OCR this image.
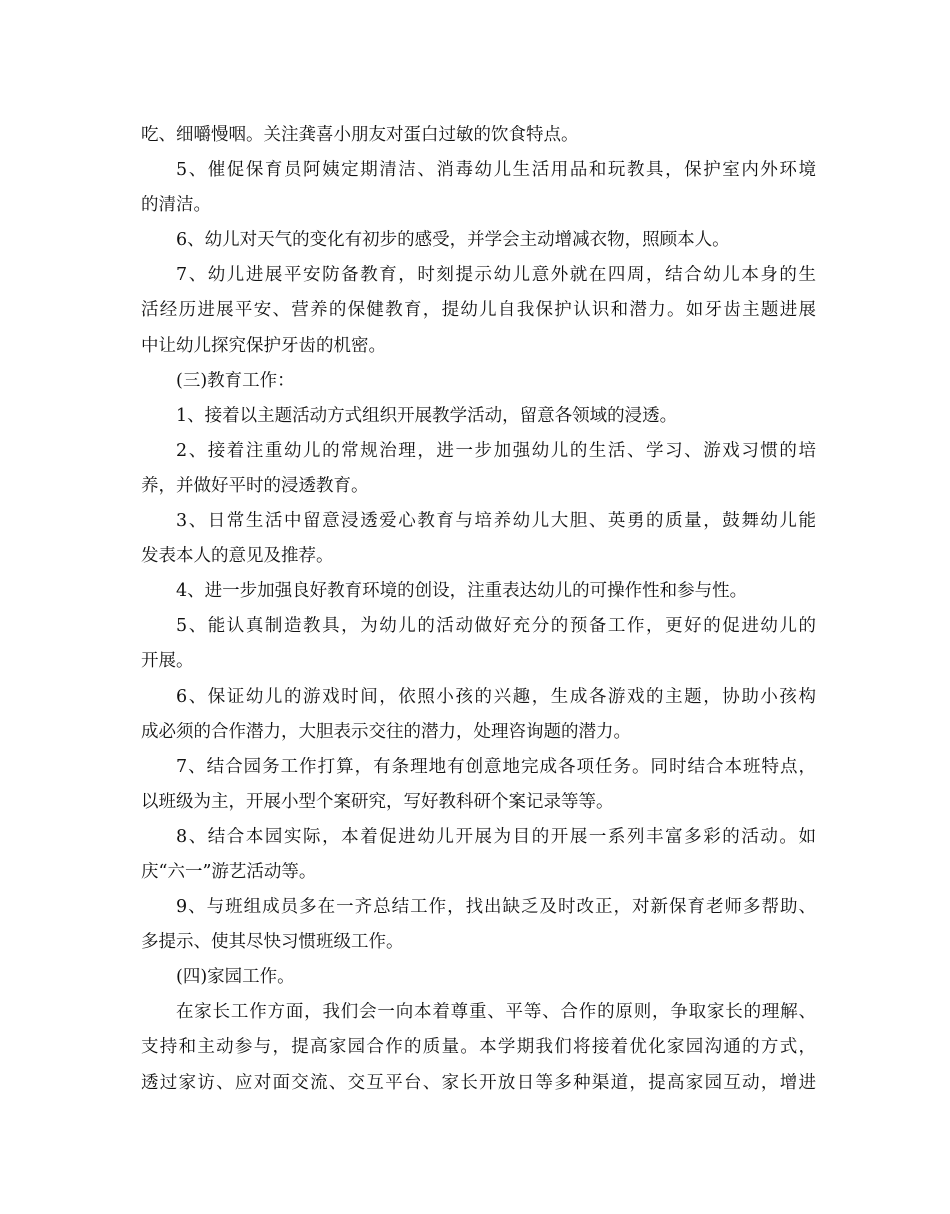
吃、细嚼慢咽。关注龚喜小朋友对蛋白过敏的饮食特点。
5、催促保育员阿姨定期清洁、消毒幼儿生活用品和玩教具，保护室内外环境
的清洁。
6、幼儿对天气的变化有初步的感受，并学会主动增减衣物，照顾本人。
7、幼儿进展平安防备教育，时刻提示幼儿意外就在四周，结合幼儿本身的生
活经历进展平安、营养的保健教育，提幼儿自我保护认识和潜力。如牙齿主题进展
中让幼儿探究保护牙齿的机密。
(三)教育工作：
1、接着以主题活动方式组织开展教学活动，留意各领域的浸透。
2、接着注重幼儿的常规治理，进一步加强幼儿的生活、学习、游戏习惯的培
养，并做好平时的浸透教育。
3、日常生活中留意浸透爱心教育与培养幼儿大胆、英勇的质量，鼓舞幼儿能
发表本人的意见及推荐。
4、进一步加强良好教育环境的创设，注重表达幼儿的可操作性和参与性。
5、能认真制造教具，为幼儿的活动做好充分的预备工作，更好的促进幼儿的
开展。
6、保证幼儿的游戏时间，依照小孩的兴趣，生成各游戏的主题，协助小孩构
成必须的合作潜力，大胆表示交往的潜力，处理咨询题的潜力。
7、结合园务工作打算，有条理地有创意地完成各项任务。同时结合本班特点，
以班级为主，开展小型个案研究，写好教科研个案记录等等。
8、结合本园实际，本着促进幼儿开展为目的开展一系列丰富多彩的活动。如
庆“六一”游艺活动等。
9、与班组成员多在一齐总结工作，找出缺乏及时改正，对新保育老师多帮助、
多提示、使其尽快习惯班级工作。
(四)家园工作。
在家长工作方面，我们会一向本着尊重、平等、合作的原则，争取家长的理解、
支持和主动参与，提高家园合作的质量。本学期我们将接着优化家园沟通的方式，
透过家访、应对面交流、交互平台、家长开放日等多种渠道，提高家园互动，增进
